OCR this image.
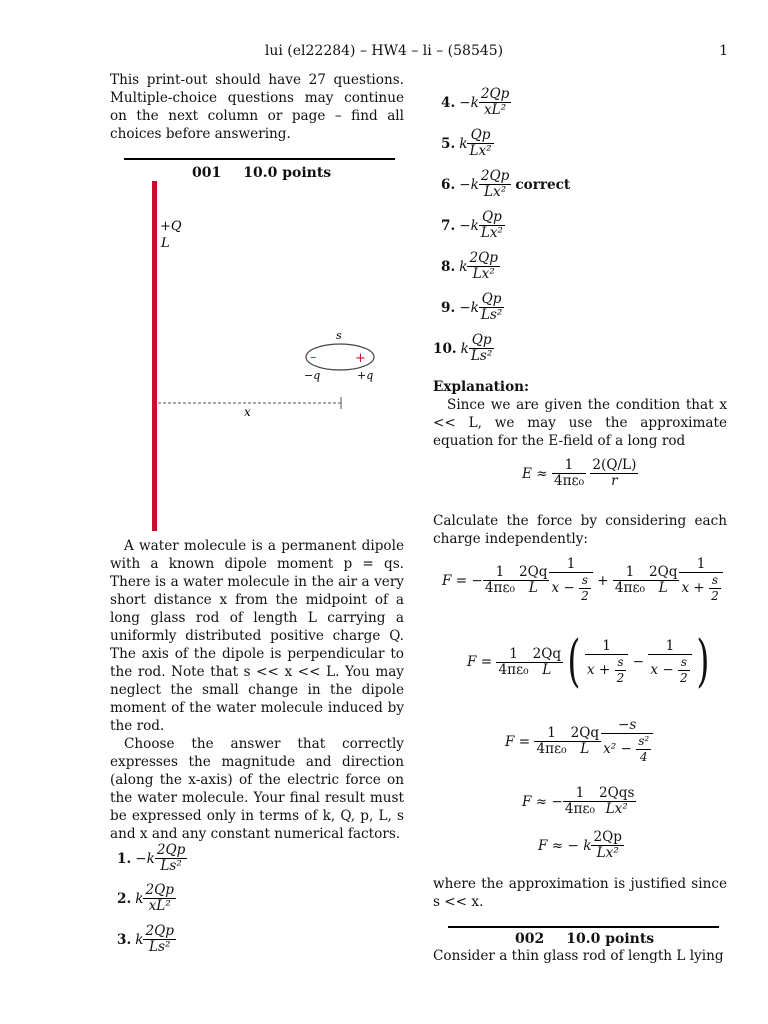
lui (el22284) – HW4 – li – (58545)	1

This print-out should have 27 questions. Multiple-choice questions may continue on the next column or page – find all choices before answering.

001 10.0 points
+Q
L
s
–	+
−q	+q
x

A water molecule is a permanent dipole with a known dipole moment p = qs. There is a water molecule in the air a very short distance x from the midpoint of a long glass rod of length L carrying a uniformly distributed positive charge Q. The axis of the dipole is perpendicular to the rod. Note that s << x << L. You may neglect the small change in the dipole moment of the water molecule induced by the rod.

Choose the answer that correctly expresses the magnitude and direction (along the x-axis) of the electric force on the water molecule. Your final result must be expressed only in terms of k, Q, p, L, s and x and any constant numerical factors.

1. $-k \frac{2Qp}{\text{Ls²}}$
2. k $\frac{2Qp}{\text{xL²}}$
3. k $\frac{2Qp}{\text{Ls²}}$
4. $-k \frac{2Qp}{\text{xL²}}$
5. k $\frac{Qp}{\text{Lx²}}$
6. $-k \frac{2Qp}{\text{Lx²}}$ correct
7. $-k \frac{Qp}{\text{Lx²}}$
8. k $\frac{2Qp}{\text{Lx²}}$
9. $-k \frac{Qp}{\text{Ls²}}$
10. k $\frac{Qp}{\text{Ls²}}$

Explanation:

Since we are given the condition that x << L, we may use the approximate equation for the E-field of a long rod

E ≈
$\frac{1}{\text{4πε₀}}$
$\frac{2(Q/L)}{r}$

Calculate the force by considering each charge independently:

F
=
− $\frac{1}{\text{4πε₀}} \frac{2Qq}{L} \frac{1}{x - \frac{s}{2}}$
+
$\frac{1}{\text{4πε₀}} \frac{2Qq}{L} \frac{1}{x + \frac{s}{2}}$
F
=
$\frac{1}{\text{4πε₀}} \frac{2Qq}{L}$ ( $\frac{1}{x + \frac{s}{2}}$
−
$\frac{1}{x - \frac{s}{2}}$ )
F
=
$\frac{1}{\text{4πε₀}} \frac{2Qq}{L} \frac{-s}{x^2 - \frac{\text{s²}}{4}}$
F
≈
− $\frac{1}{\text{4πε₀}} \frac{\text{2Qqs}}{\text{Lx²}}$
F
≈
− k $\frac{2Qp}{\text{Lx²}}$

where the approximation is justified since s << x.

002 10.0 points

Consider a thin glass rod of length L lying
